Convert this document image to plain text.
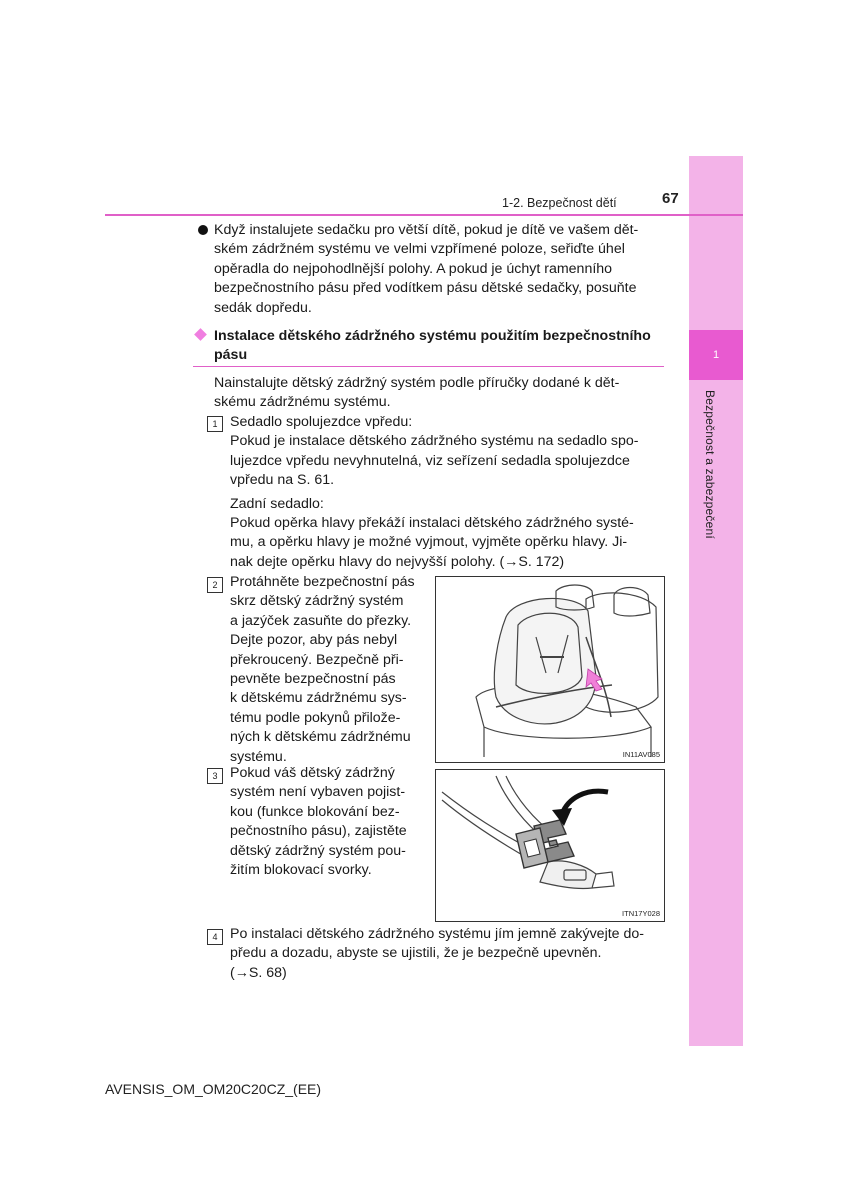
1
Bezpečnost a zabezpečení
1-2. Bezpečnost dětí	67
Když instalujete sedačku pro větší dítě, pokud je dítě ve vašem dět-
ském zádržném systému ve velmi vzpřímené poloze, seřiďte úhel
opěradla do nejpohodlnější polohy. A pokud je úchyt ramenního
bezpečnostního pásu před vodítkem pásu dětské sedačky, posuňte
sedák dopředu.
Instalace dětského zádržného systému použitím bezpečnostního
pásu
Nainstalujte dětský zádržný systém podle příručky dodané k dět-
skému zádržnému systému.
1 Sedadlo spolujezdce vpředu:
Pokud je instalace dětského zádržného systému na sedadlo spo-
lujezdce vpředu nevyhnutelná, viz seřízení sedadla spolujezdce
vpředu na S. 61.
Zadní sedadlo:
Pokud opěrka hlavy překáží instalaci dětského zádržného systé-
mu, a opěrku hlavy je možné vyjmout, vyjměte opěrku hlavy. Ji-
nak dejte opěrku hlavy do nejvyšší polohy. (→S. 172)
2 Protáhněte bezpečnostní pás
skrz dětský zádržný systém
a jazýček zasuňte do přezky.
Dejte pozor, aby pás nebyl
překroucený. Bezpečně při-
pevněte bezpečnostní pás
k dětskému zádržnému sys-
tému podle pokynů přilože-
ných k dětskému zádržnému
systému.	IN11AV085
3 Pokud váš dětský zádržný
systém není vybaven pojist-
kou (funkce blokování bez-
pečnostního pásu), zajistěte
dětský zádržný systém pou-
žitím blokovací svorky.
ITN17Y028
4 Po instalaci dětského zádržného systému jím jemně zakývejte do-
předu a dozadu, abyste se ujistili, že je bezpečně upevněn.
(→S. 68)
AVENSIS_OM_OM20C20CZ_(EE)
